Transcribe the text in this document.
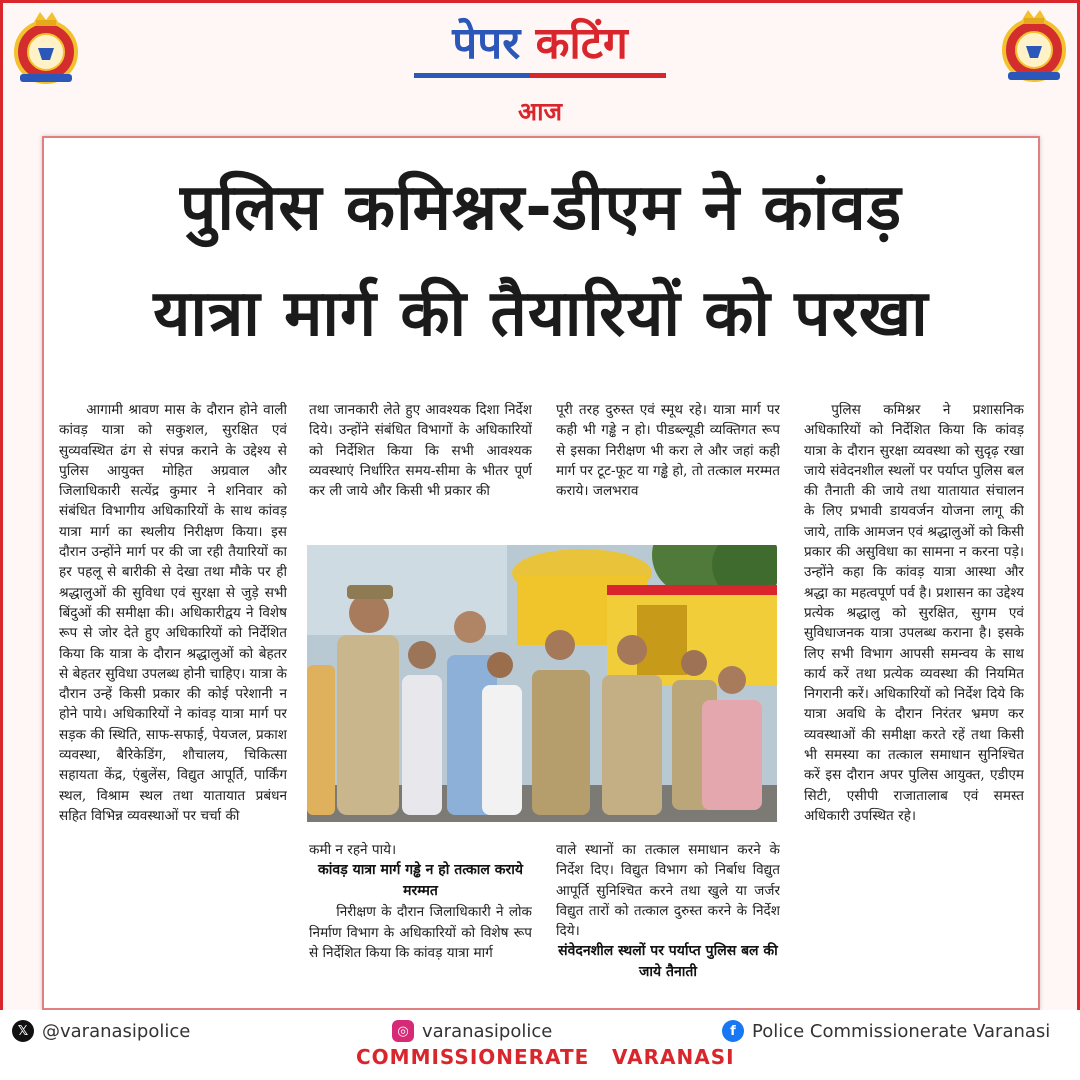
पेपर कटिंग
आज
पुलिस कमिश्नर-डीएम ने कांवड़
यात्रा मार्ग की तैयारियों को परखा

आगामी श्रावण मास के दौरान होने वाली कांवड़ यात्रा को सकुशल, सुरक्षित एवं सुव्यवस्थित ढंग से संपन्न कराने के उद्देश्य से पुलिस आयुक्त मोहित अग्रवाल और जिलाधिकारी सत्येंद्र कुमार ने शनिवार को संबंधित विभागीय अधिकारियों के साथ कांवड़ यात्रा मार्ग का स्थलीय निरीक्षण किया। इस दौरान उन्होंने मार्ग पर की जा रही तैयारियों का हर पहलू से बारीकी से देखा तथा मौके पर ही श्रद्धालुओं की सुविधा एवं सुरक्षा से जुड़े सभी बिंदुओं की समीक्षा की। अधिकारीद्वय ने विशेष रूप से जोर देते हुए अधिकारियों को निर्देशित किया कि यात्रा के दौरान श्रद्धालुओं को बेहतर से बेहतर सुविधा उपलब्ध होनी चाहिए। यात्रा के दौरान उन्हें किसी प्रकार की कोई परेशानी न होने पाये। अधिकारियों ने कांवड़ यात्रा मार्ग पर सड़क की स्थिति, साफ-सफाई, पेयजल, प्रकाश व्यवस्था, बैरिकेडिंग, शौचालय, चिकित्सा सहायता केंद्र, एंबुलेंस, विद्युत आपूर्ति, पार्किंग स्थल, विश्राम स्थल तथा यातायात प्रबंधन सहित विभिन्न व्यवस्थाओं पर चर्चा की

तथा जानकारी लेते हुए आवश्यक दिशा निर्देश दिये। उन्होंने संबंधित विभागों के अधिकारियों को निर्देशित किया कि सभी आवश्यक व्यवस्थाएं निर्धारित समय-सीमा के भीतर पूर्ण कर ली जाये और किसी भी प्रकार की

पूरी तरह दुरुस्त एवं स्मूथ रहे। यात्रा मार्ग पर कही भी गड्ढे न हो। पीडब्ल्यूडी व्यक्तिगत रूप से इसका निरीक्षण भी करा ले और जहां कही मार्ग पर टूट-फूट या गड्ढे हो, तो तत्काल मरम्मत कराये। जलभराव

पुलिस कमिश्नर ने प्रशासनिक अधिकारियों को निर्देशित किया कि कांवड़ यात्रा के दौरान सुरक्षा व्यवस्था को सुदृढ़ रखा जाये संवेदनशील स्थलों पर पर्याप्त पुलिस बल की तैनाती की जाये तथा यातायात संचालन के लिए प्रभावी डायवर्जन योजना लागू की जाये, ताकि आमजन एवं श्रद्धालुओं को किसी प्रकार की असुविधा का सामना न करना पड़े। उन्होंने कहा कि कांवड़ यात्रा आस्था और श्रद्धा का महत्वपूर्ण पर्व है। प्रशासन का उद्देश्य प्रत्येक श्रद्धालु को सुरक्षित, सुगम एवं सुविधाजनक यात्रा उपलब्ध कराना है। इसके लिए सभी विभाग आपसी समन्वय के साथ कार्य करें तथा प्रत्येक व्यवस्था की नियमित निगरानी करें। अधिकारियों को निर्देश दिये कि यात्रा अवधि के दौरान निरंतर भ्रमण कर व्यवस्थाओं की समीक्षा करते रहें तथा किसी भी समस्या का तत्काल समाधान सुनिश्चित करें इस दौरान अपर पुलिस आयुक्त, एडीएम सिटी, एसीपी राजातालाब एवं समस्त अधिकारी उपस्थित रहे।

कमी न रहने पाये।

कांवड़ यात्रा मार्ग गड्ढे न हो तत्काल कराये मरम्मत

निरीक्षण के दौरान जिलाधिकारी ने लोक निर्माण विभाग के अधिकारियों को विशेष रूप से निर्देशित किया कि कांवड़ यात्रा मार्ग

वाले स्थानों का तत्काल समाधान करने के निर्देश दिए। विद्युत विभाग को निर्बाध विद्युत आपूर्ति सुनिश्चित करने तथा खुले या जर्जर विद्युत तारों को तत्काल दुरुस्त करने के निर्देश दिये।

संवेदनशील स्थलों पर पर्याप्त पुलिस बल की जाये तैनाती

𝕏 @varanasipolice	◎ varanasipolice	f Police Commissionerate Varanasi
COMMISSIONERATE VARANASI
